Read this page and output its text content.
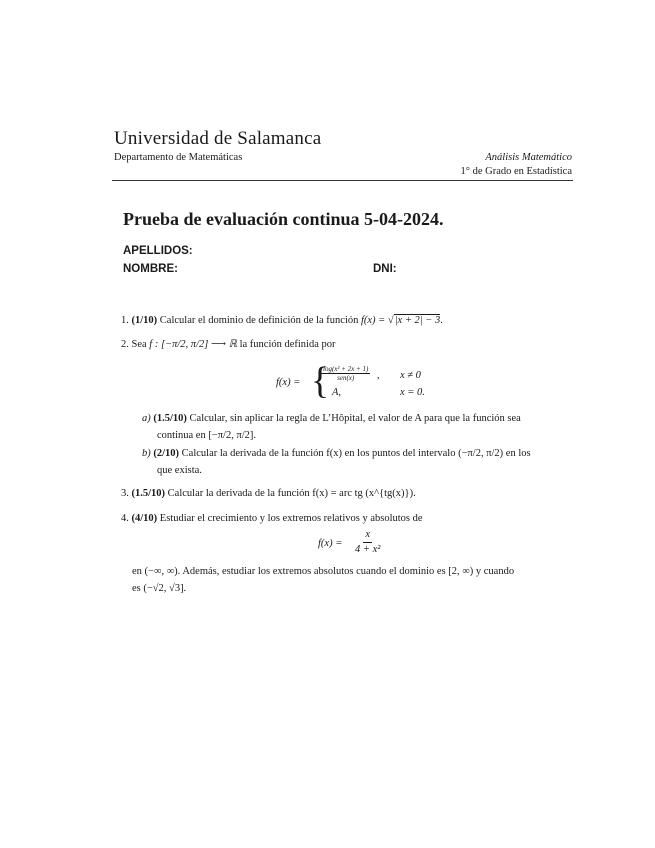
Universidad de Salamanca
Departamento de Matemáticas	Análisis Matemático
1° de Grado en Estadística
Prueba de evaluación continua 5-04-2024.
APELLIDOS:
NOMBRE:	DNI:
1. (1/10) Calcular el dominio de definición de la función f(x) = √|x + 2| − 3.
2. Sea f : [−π/2, π/2] ⟶ ℝ la función definida por
f(x) = {
log(x² + 2x + 1)
sen(x) , x ≠ 0
A,	x = 0.
a) (1.5/10) Calcular, sin aplicar la regla de L’Hôpital, el valor de A para que la función sea
continua en [−π/2, π/2].
b) (2/10) Calcular la derivada de la función f(x) en los puntos del intervalo (−π/2, π/2) en los
que exista.
3. (1.5/10) Calcular la derivada de la función f(x) = arc tg (x^{tg(x)}).
4. (4/10) Estudiar el crecimiento y los extremos relativos y absolutos de
$f(x) = \frac{x}{\text{4 + x²}}$
en (−∞, ∞). Además, estudiar los extremos absolutos cuando el dominio es [2, ∞) y cuando
es (−√2, √3].
